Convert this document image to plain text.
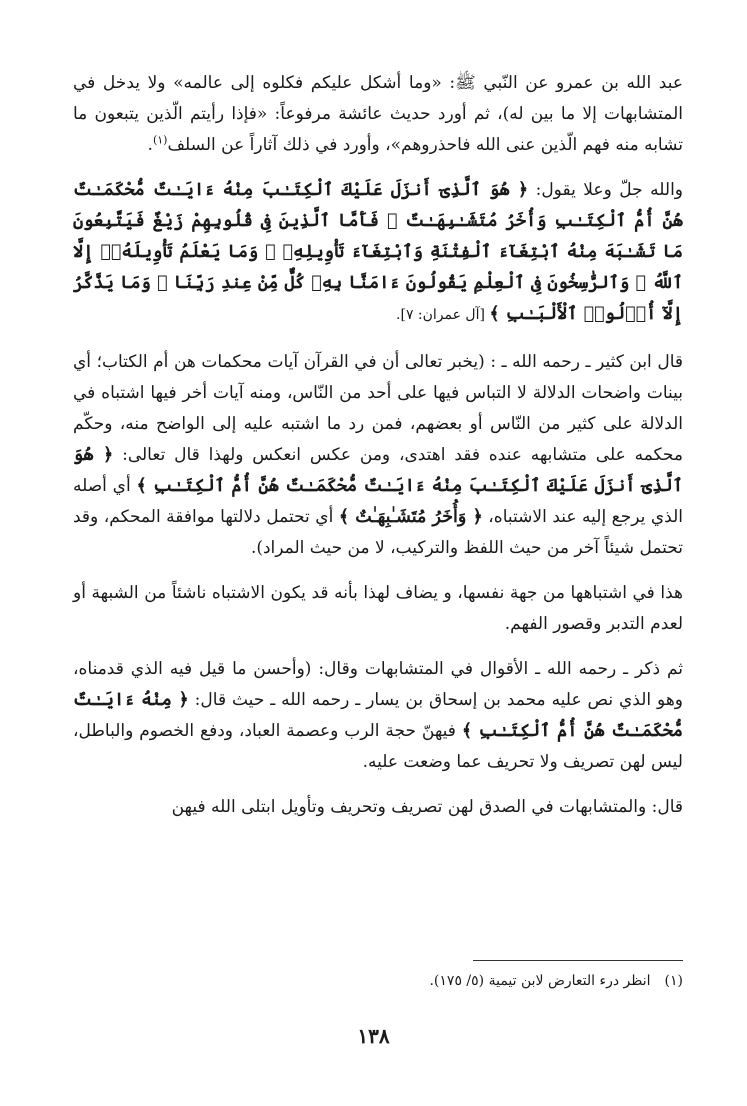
عبد الله بن عمرو عن النّبي ﷺ: «وما أشكل عليكم فكلوه إلى عالمه» ولا يدخل في المتشابهات إلا ما بين له)، ثم أورد حديث عائشة مرفوعاً: «فإذا رأيتم الّذين يتبعون ما تشابه منه فهم الّذين عنى الله فاحذروهم»، وأورد في ذلك آثاراً عن السلف$^{(١)}$.

والله جلّ وعلا يقول: ﴿ هُوَ ٱلَّذِىٓ أَنزَلَ عَلَيْكَ ٱلْكِتَـٰبَ مِنْهُ ءَايَـٰتٌ مُّحْكَمَـٰتٌ هُنَّ أُمُّ ٱلْكِتَـٰبِ وَأُخَرُ مُتَشَـٰبِهَـٰتٌ ۖ فَأَمَّا ٱلَّذِينَ فِى قُلُوبِهِمْ زَيْغٌ فَيَتَّبِعُونَ مَا تَشَـٰبَهَ مِنْهُ ٱبْتِغَآءَ ٱلْفِتْنَةِ وَٱبْتِغَآءَ تَأْوِيلِهِۦ ۗ وَمَا يَعْلَمُ تَأْوِيلَهُۥٓ إِلَّا ٱللَّهُ ۗ وَٱلرَّٰسِخُونَ فِى ٱلْعِلْمِ يَقُولُونَ ءَامَنَّا بِهِۦ كُلٌّ مِّنْ عِندِ رَبِّنَا ۗ وَمَا يَذَّكَّرُ إِلَّآ أُو۟لُوا۟ ٱلْأَلْبَـٰبِ ﴾ [آل عمران: ٧].

قال ابن كثير ـ رحمه الله ـ : (يخبر تعالى أن في القرآن آيات محكمات هن أم الكتاب؛ أي بينات واضحات الدلالة لا التباس فيها على أحد من النّاس، ومنه آيات أخر فيها اشتباه في الدلالة على كثير من النّاس أو بعضهم، فمن رد ما اشتبه عليه إلى الواضح منه، وحكّم محكمه على متشابهه عنده فقد اهتدى، ومن عكس انعكس ولهذا قال تعالى: ﴿ هُوَ ٱلَّذِىٓ أَنزَلَ عَلَيْكَ ٱلْكِتَـٰبَ مِنْهُ ءَايَـٰتٌ مُّحْكَمَـٰتٌ هُنَّ أُمُّ ٱلْكِتَـٰبِ ﴾ أي أصله الذي يرجع إليه عند الاشتباه، ﴿ وَأُخَرُ مُتَشَـٰبِهَـٰتٌ ﴾ أي تحتمل دلالتها موافقة المحكم، وقد تحتمل شيئاً آخر من حيث اللفظ والتركيب، لا من حيث المراد).

هذا في اشتباهها من جهة نفسها، و يضاف لهذا بأنه قد يكون الاشتباه ناشئاً من الشبهة أو لعدم التدبر وقصور الفهم.

ثم ذكر ـ رحمه الله ـ الأقوال في المتشابهات وقال: (وأحسن ما قيل فيه الذي قدمناه، وهو الذي نص عليه محمد بن إسحاق بن يسار ـ رحمه الله ـ حيث قال: ﴿ مِنْهُ ءَايَـٰتٌ مُّحْكَمَـٰتٌ هُنَّ أُمُّ ٱلْكِتَـٰبِ ﴾ فيهنّ حجة الرب وعصمة العباد، ودفع الخصوم والباطل، ليس لهن تصريف ولا تحريف عما وضعت عليه.

قال: والمتشابهات في الصدق لهن تصريف وتحريف وتأويل ابتلى الله فيهن

(١)انظر درء التعارض لابن تيمية (٥/ ١٧٥).
١٣٨
